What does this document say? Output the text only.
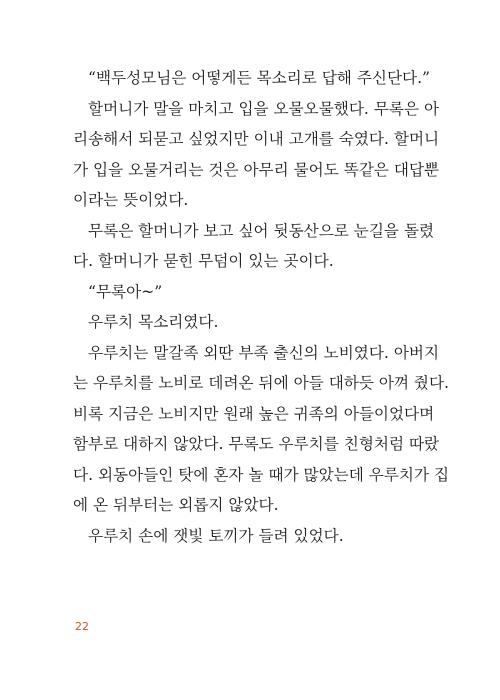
“백두성모님은 어떻게든 목소리로 답해 주신단다.”
할머니가 말을 마치고 입을 오물오물했다. 무록은 아
리송해서 되묻고 싶었지만 이내 고개를 숙였다. 할머니
가 입을 오물거리는 것은 아무리 물어도 똑같은 대답뿐
이라는 뜻이었다.
무록은 할머니가 보고 싶어 뒷동산으로 눈길을 돌렸
다. 할머니가 묻힌 무덤이 있는 곳이다.
“무록아~”
우루치 목소리였다.
우루치는 말갈족 외딴 부족 출신의 노비였다. 아버지
는 우루치를 노비로 데려온 뒤에 아들 대하듯 아껴 줬다.
비록 지금은 노비지만 원래 높은 귀족의 아들이었다며
함부로 대하지 않았다. 무록도 우루치를 친형처럼 따랐
다. 외동아들인 탓에 혼자 놀 때가 많았는데 우루치가 집
에 온 뒤부터는 외롭지 않았다.
우루치 손에 잿빛 토끼가 들려 있었다.
22
